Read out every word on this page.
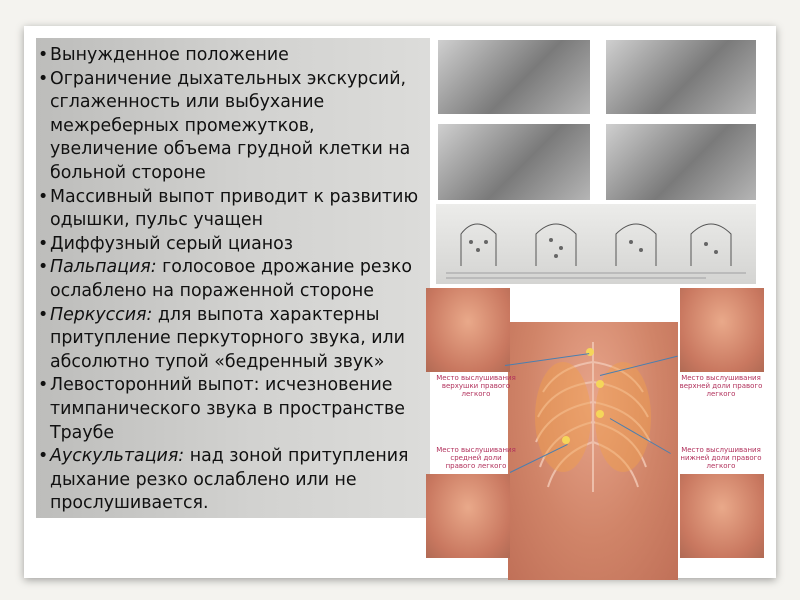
• Вынужденное положение
• Ограничение дыхательных экскурсий, сглаженность или выбухание межреберных промежутков, увеличение объема грудной клетки на больной стороне
• Массивный выпот приводит к развитию одышки, пульс учащен
• Диффузный серый цианоз
• Пальпация: голосовое дрожание резко ослаблено на пораженной стороне
• Перкуссия: для выпота характерны притупление перкуторного звука, или абсолютно тупой «бедренный звук»
• Левосторонний выпот: исчезновение тимпанического звука в пространстве Траубе
• Аускультация: над зоной притупления дыхание резко ослаблено или не прослушивается.
Место выслушивания верхушки правого легкого
Место выслушивания верхней доли правого легкого
Место выслушивания средней доли правого легкого
Место выслушивания нижней доли правого легкого
